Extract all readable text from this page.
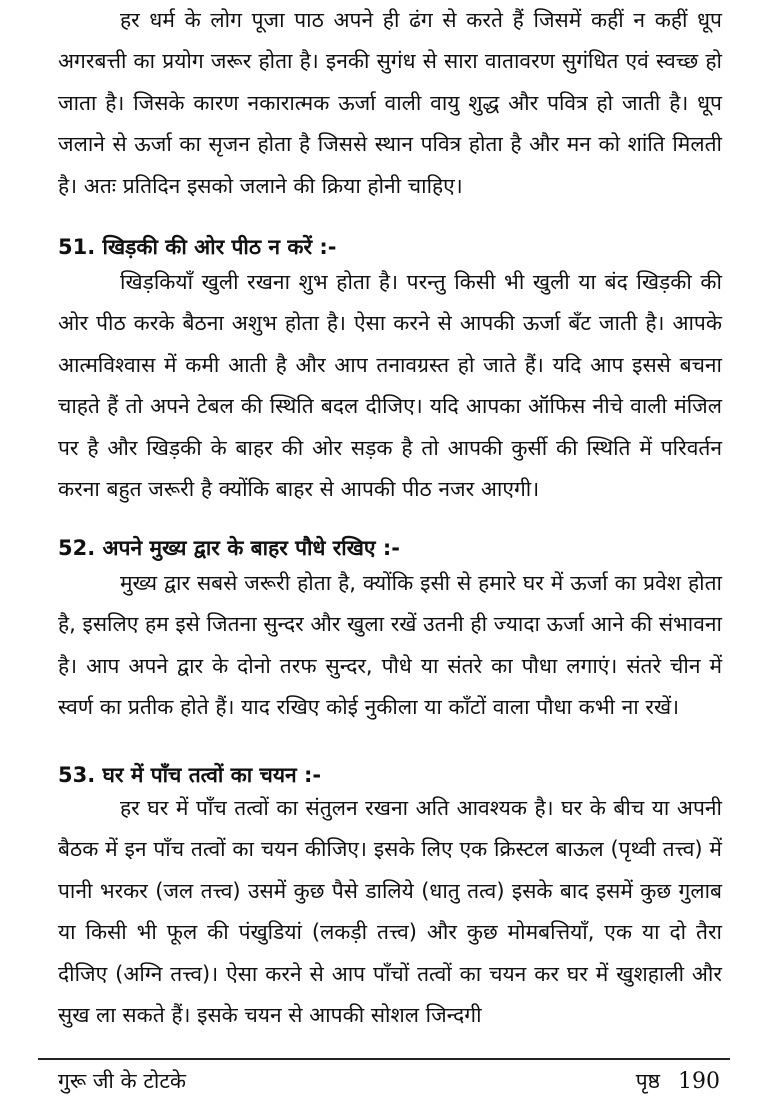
हर धर्म के लोग पूजा पाठ अपने ही ढंग से करते हैं जिसमें कहीं न कहीं धूप अगरबत्ती का प्रयोग जरूर होता है। इनकी सुगंध से सारा वातावरण सुगंधित एवं स्वच्छ हो जाता है। जिसके कारण नकारात्मक ऊर्जा वाली वायु शुद्ध और पवित्र हो जाती है। धूप जलाने से ऊर्जा का सृजन होता है जिससे स्थान पवित्र होता है और मन को शांति मिलती है। अतः प्रतिदिन इसको जलाने की क्रिया होनी चाहिए।

51. खिड़की की ओर पीठ न करें :-

खिड़कियाँ खुली रखना शुभ होता है। परन्तु किसी भी खुली या बंद खिड़की की ओर पीठ करके बैठना अशुभ होता है। ऐसा करने से आपकी ऊर्जा बँट जाती है। आपके आत्मविश्वास में कमी आती है और आप तनावग्रस्त हो जाते हैं। यदि आप इससे बचना चाहते हैं तो अपने टेबल की स्थिति बदल दीजिए। यदि आपका ऑफिस नीचे वाली मंजिल पर है और खिड़की के बाहर की ओर सड़क है तो आपकी कुर्सी की स्थिति में परिवर्तन करना बहुत जरूरी है क्योंकि बाहर से आपकी पीठ नजर आएगी।

52. अपने मुख्य द्वार के बाहर पौधे रखिए :-

मुख्य द्वार सबसे जरूरी होता है, क्योंकि इसी से हमारे घर में ऊर्जा का प्रवेश होता है, इसलिए हम इसे जितना सुन्दर और खुला रखें उतनी ही ज्यादा ऊर्जा आने की संभावना है। आप अपने द्वार के दोनो तरफ सुन्दर, पौधे या संतरे का पौधा लगाएं। संतरे चीन में स्वर्ण का प्रतीक होते हैं। याद रखिए कोई नुकीला या काँटों वाला पौधा कभी ना रखें।

53. घर में पाँच तत्वों का चयन :-

हर घर में पाँच तत्वों का संतुलन रखना अति आवश्यक है। घर के बीच या अपनी बैठक में इन पाँच तत्वों का चयन कीजिए। इसके लिए एक क्रिस्टल बाऊल (पृथ्वी तत्त्व) में पानी भरकर (जल तत्त्व) उसमें कुछ पैसे डालिये (धातु तत्व) इसके बाद इसमें कुछ गुलाब या किसी भी फूल की पंखुडियां (लकड़ी तत्त्व) और कुछ मोमबत्तियाँ, एक या दो तैरा दीजिए (अग्नि तत्त्व)। ऐसा करने से आप पाँचों तत्वों का चयन कर घर में खुशहाली और सुख ला सकते हैं। इसके चयन से आपकी सोशल जिन्दगी

गुरू जी के टोटके	पृष्ठ 190
